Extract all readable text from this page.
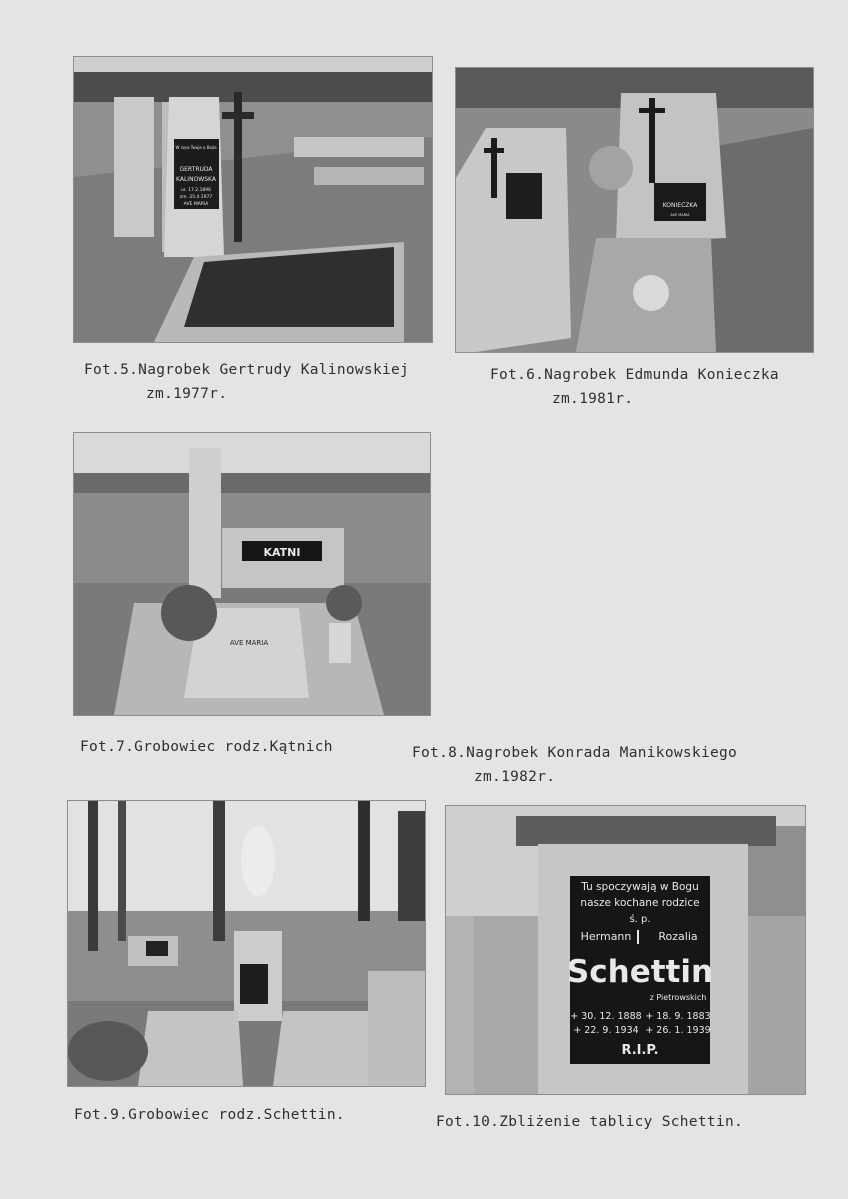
W ręce Twoje o Boże
GERTRUDA
KALINOWSKA
ur. 17.2.1896
zm. 25.4.1977
AVE MARIA
Fot.5.Nagrobek Gertrudy Kalinowskiej
zm.1977r.
KONIECZKA
AVE MARIA
Fot.6.Nagrobek Edmunda Konieczka
zm.1981r.
KATNI
AVE MARIA
Fot.7.Grobowiec rodz.Kątnich	Fot.8.Nagrobek Konrada Manikowskiego
zm.1982r.
Fot.9.Grobowiec rodz.Schettin.
Tu spoczywają w Bogu
nasze kochane rodzice
ś. p.
Hermann Rozalia
Schettin
z Pietrowskich
+ 30. 12. 1888
+ 22. 9. 1934
+ 18. 9. 1883
+ 26. 1. 1939
R.I.P.
Fot.10.Zbliżenie tablicy Schettin.
